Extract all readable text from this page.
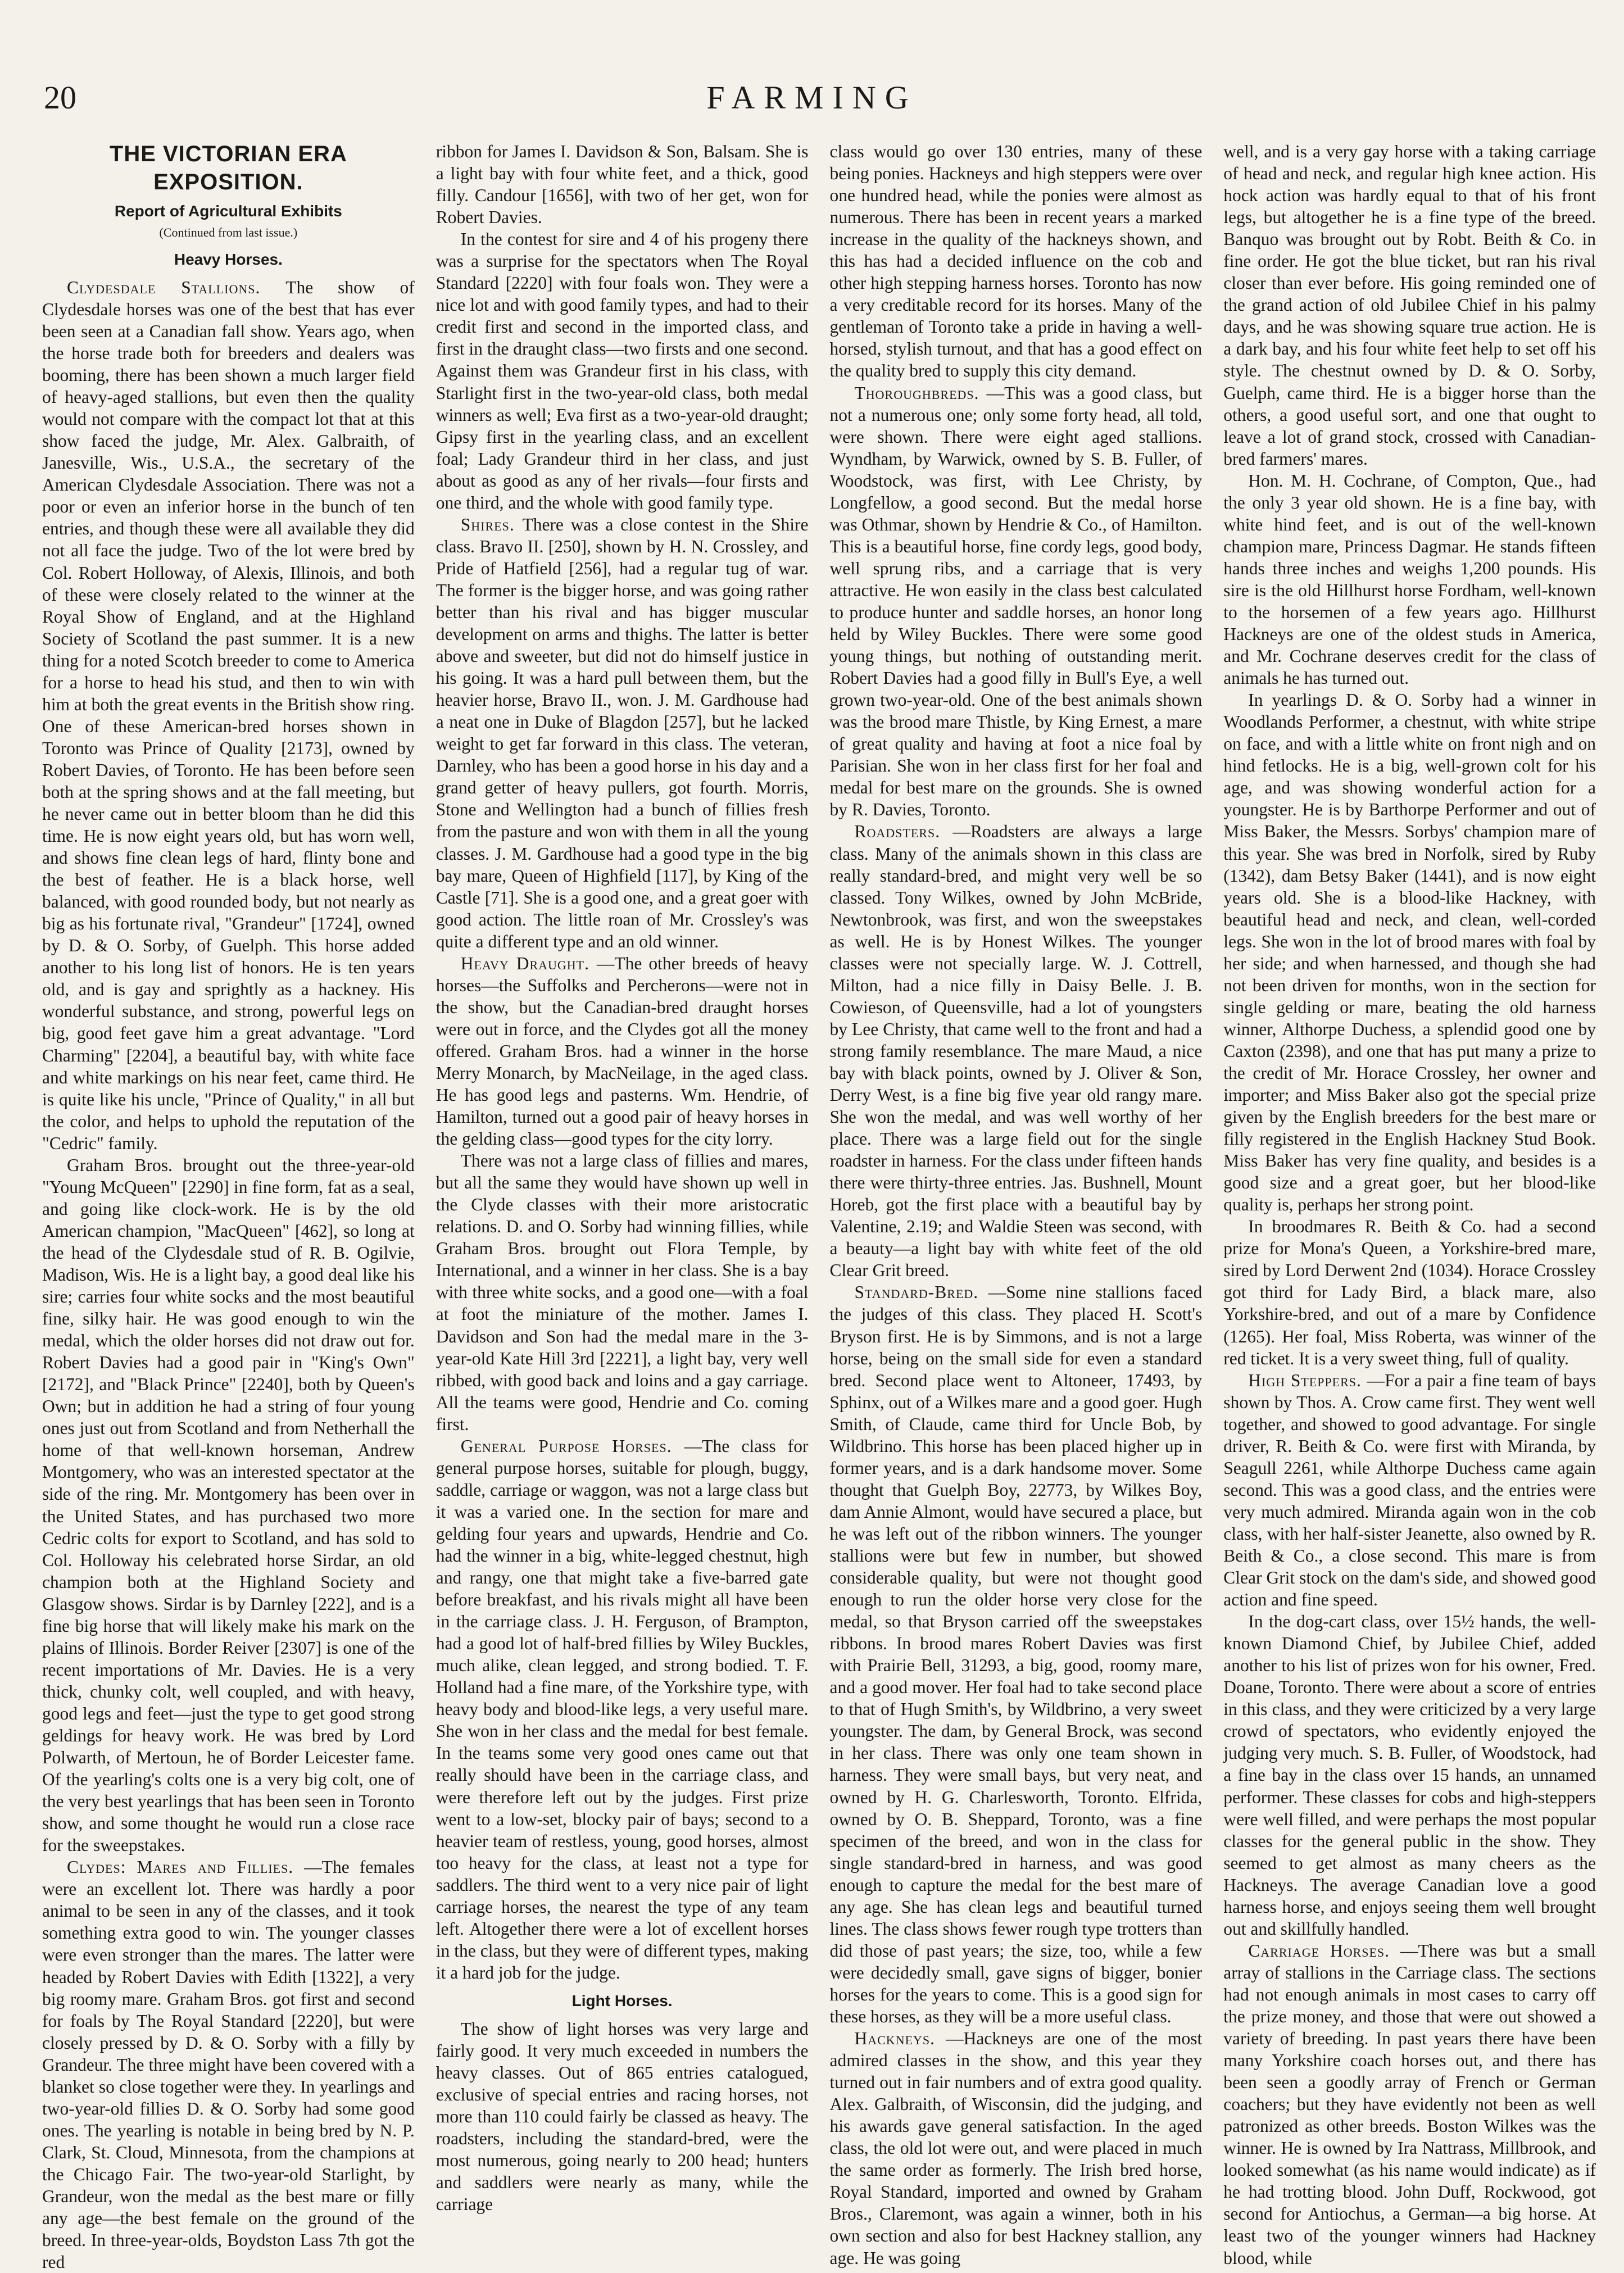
20	FARMING
THE VICTORIAN ERA EXPOSITION.
Report of Agricultural Exhibits
(Continued from last issue.)
Heavy Horses.

Clydesdale Stallions. The show of Clydesdale horses was one of the best that has ever been seen at a Canadian fall show. Years ago, when the horse trade both for breeders and dealers was booming, there has been shown a much larger field of heavy-aged stallions, but even then the quality would not compare with the compact lot that at this show faced the judge, Mr. Alex. Galbraith, of Janesville, Wis., U.S.A., the secretary of the American Clydesdale Association. There was not a poor or even an inferior horse in the bunch of ten entries, and though these were all available they did not all face the judge. Two of the lot were bred by Col. Robert Holloway, of Alexis, Illinois, and both of these were closely related to the winner at the Royal Show of England, and at the Highland Society of Scotland the past summer. It is a new thing for a noted Scotch breeder to come to America for a horse to head his stud, and then to win with him at both the great events in the British show ring. One of these American-bred horses shown in Toronto was Prince of Quality [2173], owned by Robert Davies, of Toronto. He has been before seen both at the spring shows and at the fall meeting, but he never came out in better bloom than he did this time. He is now eight years old, but has worn well, and shows fine clean legs of hard, flinty bone and the best of feather. He is a black horse, well balanced, with good rounded body, but not nearly as big as his fortunate rival, "Grandeur" [1724], owned by D. & O. Sorby, of Guelph. This horse added another to his long list of honors. He is ten years old, and is gay and sprightly as a hackney. His wonderful substance, and strong, powerful legs on big, good feet gave him a great advantage. "Lord Charming" [2204], a beautiful bay, with white face and white markings on his near feet, came third. He is quite like his uncle, "Prince of Quality," in all but the color, and helps to uphold the reputation of the "Cedric" family.

Graham Bros. brought out the three-year-old "Young McQueen" [2290] in fine form, fat as a seal, and going like clock-work. He is by the old American champion, "MacQueen" [462], so long at the head of the Clydesdale stud of R. B. Ogilvie, Madison, Wis. He is a light bay, a good deal like his sire; carries four white socks and the most beautiful fine, silky hair. He was good enough to win the medal, which the older horses did not draw out for. Robert Davies had a good pair in "King's Own" [2172], and "Black Prince" [2240], both by Queen's Own; but in addition he had a string of four young ones just out from Scotland and from Netherhall the home of that well-known horseman, Andrew Montgomery, who was an interested spectator at the side of the ring. Mr. Montgomery has been over in the United States, and has purchased two more Cedric colts for export to Scotland, and has sold to Col. Holloway his celebrated horse Sirdar, an old champion both at the Highland Society and Glasgow shows. Sirdar is by Darnley [222], and is a fine big horse that will likely make his mark on the plains of Illinois. Border Reiver [2307] is one of the recent importations of Mr. Davies. He is a very thick, chunky colt, well coupled, and with heavy, good legs and feet—just the type to get good strong geldings for heavy work. He was bred by Lord Polwarth, of Mertoun, he of Border Leicester fame. Of the yearling's colts one is a very big colt, one of the very best yearlings that has been seen in Toronto show, and some thought he would run a close race for the sweepstakes.

Clydes: Mares and Fillies. —The females were an excellent lot. There was hardly a poor animal to be seen in any of the classes, and it took something extra good to win. The younger classes were even stronger than the mares. The latter were headed by Robert Davies with Edith [1322], a very big roomy mare. Graham Bros. got first and second for foals by The Royal Standard [2220], but were closely pressed by D. & O. Sorby with a filly by Grandeur. The three might have been covered with a blanket so close together were they. In yearlings and two-year-old fillies D. & O. Sorby had some good ones. The yearling is notable in being bred by N. P. Clark, St. Cloud, Minnesota, from the champions at the Chicago Fair. The two-year-old Starlight, by Grandeur, won the medal as the best mare or filly any age—the best female on the ground of the breed. In three-year-olds, Boydston Lass 7th got the red

ribbon for James I. Davidson & Son, Balsam. She is a light bay with four white feet, and a thick, good filly. Candour [1656], with two of her get, won for Robert Davies.

In the contest for sire and 4 of his progeny there was a surprise for the spectators when The Royal Standard [2220] with four foals won. They were a nice lot and with good family types, and had to their credit first and second in the imported class, and first in the draught class—two firsts and one second. Against them was Grandeur first in his class, with Starlight first in the two-year-old class, both medal winners as well; Eva first as a two-year-old draught; Gipsy first in the yearling class, and an excellent foal; Lady Grandeur third in her class, and just about as good as any of her rivals—four firsts and one third, and the whole with good family type.

Shires. There was a close contest in the Shire class. Bravo II. [250], shown by H. N. Crossley, and Pride of Hatfield [256], had a regular tug of war. The former is the bigger horse, and was going rather better than his rival and has bigger muscular development on arms and thighs. The latter is better above and sweeter, but did not do himself justice in his going. It was a hard pull between them, but the heavier horse, Bravo II., won. J. M. Gardhouse had a neat one in Duke of Blagdon [257], but he lacked weight to get far forward in this class. The veteran, Darnley, who has been a good horse in his day and a grand getter of heavy pullers, got fourth. Morris, Stone and Wellington had a bunch of fillies fresh from the pasture and won with them in all the young classes. J. M. Gardhouse had a good type in the big bay mare, Queen of Highfield [117], by King of the Castle [71]. She is a good one, and a great goer with good action. The little roan of Mr. Crossley's was quite a different type and an old winner.

Heavy Draught. —The other breeds of heavy horses—the Suffolks and Percherons—were not in the show, but the Canadian-bred draught horses were out in force, and the Clydes got all the money offered. Graham Bros. had a winner in the horse Merry Monarch, by MacNeilage, in the aged class. He has good legs and pasterns. Wm. Hendrie, of Hamilton, turned out a good pair of heavy horses in the gelding class—good types for the city lorry.

There was not a large class of fillies and mares, but all the same they would have shown up well in the Clyde classes with their more aristocratic relations. D. and O. Sorby had winning fillies, while Graham Bros. brought out Flora Temple, by International, and a winner in her class. She is a bay with three white socks, and a good one—with a foal at foot the miniature of the mother. James I. Davidson and Son had the medal mare in the 3-year-old Kate Hill 3rd [2221], a light bay, very well ribbed, with good back and loins and a gay carriage. All the teams were good, Hendrie and Co. coming first.

General Purpose Horses. —The class for general purpose horses, suitable for plough, buggy, saddle, carriage or waggon, was not a large class but it was a varied one. In the section for mare and gelding four years and upwards, Hendrie and Co. had the winner in a big, white-legged chestnut, high and rangy, one that might take a five-barred gate before breakfast, and his rivals might all have been in the carriage class. J. H. Ferguson, of Brampton, had a good lot of half-bred fillies by Wiley Buckles, much alike, clean legged, and strong bodied. T. F. Holland had a fine mare, of the Yorkshire type, with heavy body and blood-like legs, a very useful mare. She won in her class and the medal for best female. In the teams some very good ones came out that really should have been in the carriage class, and were therefore left out by the judges. First prize went to a low-set, blocky pair of bays; second to a heavier team of restless, young, good horses, almost too heavy for the class, at least not a type for saddlers. The third went to a very nice pair of light carriage horses, the nearest the type of any team left. Altogether there were a lot of excellent horses in the class, but they were of different types, making it a hard job for the judge.

Light Horses.

The show of light horses was very large and fairly good. It very much exceeded in numbers the heavy classes. Out of 865 entries catalogued, exclusive of special entries and racing horses, not more than 110 could fairly be classed as heavy. The roadsters, including the standard-bred, were the most numerous, going nearly to 200 head; hunters and saddlers were nearly as many, while the carriage

class would go over 130 entries, many of these being ponies. Hackneys and high steppers were over one hundred head, while the ponies were almost as numerous. There has been in recent years a marked increase in the quality of the hackneys shown, and this has had a decided influence on the cob and other high stepping harness horses. Toronto has now a very creditable record for its horses. Many of the gentleman of Toronto take a pride in having a well-horsed, stylish turnout, and that has a good effect on the quality bred to supply this city demand.

Thoroughbreds. —This was a good class, but not a numerous one; only some forty head, all told, were shown. There were eight aged stallions. Wyndham, by Warwick, owned by S. B. Fuller, of Woodstock, was first, with Lee Christy, by Longfellow, a good second. But the medal horse was Othmar, shown by Hendrie & Co., of Hamilton. This is a beautiful horse, fine cordy legs, good body, well sprung ribs, and a carriage that is very attractive. He won easily in the class best calculated to produce hunter and saddle horses, an honor long held by Wiley Buckles. There were some good young things, but nothing of outstanding merit. Robert Davies had a good filly in Bull's Eye, a well grown two-year-old. One of the best animals shown was the brood mare Thistle, by King Ernest, a mare of great quality and having at foot a nice foal by Parisian. She won in her class first for her foal and medal for best mare on the grounds. She is owned by R. Davies, Toronto.

Roadsters. —Roadsters are always a large class. Many of the animals shown in this class are really standard-bred, and might very well be so classed. Tony Wilkes, owned by John McBride, Newtonbrook, was first, and won the sweepstakes as well. He is by Honest Wilkes. The younger classes were not specially large. W. J. Cottrell, Milton, had a nice filly in Daisy Belle. J. B. Cowieson, of Queensville, had a lot of youngsters by Lee Christy, that came well to the front and had a strong family resemblance. The mare Maud, a nice bay with black points, owned by J. Oliver & Son, Derry West, is a fine big five year old rangy mare. She won the medal, and was well worthy of her place. There was a large field out for the single roadster in harness. For the class under fifteen hands there were thirty-three entries. Jas. Bushnell, Mount Horeb, got the first place with a beautiful bay by Valentine, 2.19; and Waldie Steen was second, with a beauty—a light bay with white feet of the old Clear Grit breed.

Standard-Bred. —Some nine stallions faced the judges of this class. They placed H. Scott's Bryson first. He is by Simmons, and is not a large horse, being on the small side for even a standard bred. Second place went to Altoneer, 17493, by Sphinx, out of a Wilkes mare and a good goer. Hugh Smith, of Claude, came third for Uncle Bob, by Wildbrino. This horse has been placed higher up in former years, and is a dark handsome mover. Some thought that Guelph Boy, 22773, by Wilkes Boy, dam Annie Almont, would have secured a place, but he was left out of the ribbon winners. The younger stallions were but few in number, but showed considerable quality, but were not thought good enough to run the older horse very close for the medal, so that Bryson carried off the sweepstakes ribbons. In brood mares Robert Davies was first with Prairie Bell, 31293, a big, good, roomy mare, and a good mover. Her foal had to take second place to that of Hugh Smith's, by Wildbrino, a very sweet youngster. The dam, by General Brock, was second in her class. There was only one team shown in harness. They were small bays, but very neat, and owned by H. G. Charlesworth, Toronto. Elfrida, owned by O. B. Sheppard, Toronto, was a fine specimen of the breed, and won in the class for single standard-bred in harness, and was good enough to capture the medal for the best mare of any age. She has clean legs and beautiful turned lines. The class shows fewer rough type trotters than did those of past years; the size, too, while a few were decidedly small, gave signs of bigger, bonier horses for the years to come. This is a good sign for these horses, as they will be a more useful class.

Hackneys. —Hackneys are one of the most admired classes in the show, and this year they turned out in fair numbers and of extra good quality. Alex. Galbraith, of Wisconsin, did the judging, and his awards gave general satisfaction. In the aged class, the old lot were out, and were placed in much the same order as formerly. The Irish bred horse, Royal Standard, imported and owned by Graham Bros., Claremont, was again a winner, both in his own section and also for best Hackney stallion, any age. He was going

well, and is a very gay horse with a taking carriage of head and neck, and regular high knee action. His hock action was hardly equal to that of his front legs, but altogether he is a fine type of the breed. Banquo was brought out by Robt. Beith & Co. in fine order. He got the blue ticket, but ran his rival closer than ever before. His going reminded one of the grand action of old Jubilee Chief in his palmy days, and he was showing square true action. He is a dark bay, and his four white feet help to set off his style. The chestnut owned by D. & O. Sorby, Guelph, came third. He is a bigger horse than the others, a good useful sort, and one that ought to leave a lot of grand stock, crossed with Canadian-bred farmers' mares.

Hon. M. H. Cochrane, of Compton, Que., had the only 3 year old shown. He is a fine bay, with white hind feet, and is out of the well-known champion mare, Princess Dagmar. He stands fifteen hands three inches and weighs 1,200 pounds. His sire is the old Hillhurst horse Fordham, well-known to the horsemen of a few years ago. Hillhurst Hackneys are one of the oldest studs in America, and Mr. Cochrane deserves credit for the class of animals he has turned out.

In yearlings D. & O. Sorby had a winner in Woodlands Performer, a chestnut, with white stripe on face, and with a little white on front nigh and on hind fetlocks. He is a big, well-grown colt for his age, and was showing wonderful action for a youngster. He is by Barthorpe Performer and out of Miss Baker, the Messrs. Sorbys' champion mare of this year. She was bred in Norfolk, sired by Ruby (1342), dam Betsy Baker (1441), and is now eight years old. She is a blood-like Hackney, with beautiful head and neck, and clean, well-corded legs. She won in the lot of brood mares with foal by her side; and when harnessed, and though she had not been driven for months, won in the section for single gelding or mare, beating the old harness winner, Althorpe Duchess, a splendid good one by Caxton (2398), and one that has put many a prize to the credit of Mr. Horace Crossley, her owner and importer; and Miss Baker also got the special prize given by the English breeders for the best mare or filly registered in the English Hackney Stud Book. Miss Baker has very fine quality, and besides is a good size and a great goer, but her blood-like quality is, perhaps her strong point.

In broodmares R. Beith & Co. had a second prize for Mona's Queen, a Yorkshire-bred mare, sired by Lord Derwent 2nd (1034). Horace Crossley got third for Lady Bird, a black mare, also Yorkshire-bred, and out of a mare by Confidence (1265). Her foal, Miss Roberta, was winner of the red ticket. It is a very sweet thing, full of quality.

High Steppers. —For a pair a fine team of bays shown by Thos. A. Crow came first. They went well together, and showed to good advantage. For single driver, R. Beith & Co. were first with Miranda, by Seagull 2261, while Althorpe Duchess came again second. This was a good class, and the entries were very much admired. Miranda again won in the cob class, with her half-sister Jeanette, also owned by R. Beith & Co., a close second. This mare is from Clear Grit stock on the dam's side, and showed good action and fine speed.

In the dog-cart class, over 15½ hands, the well-known Diamond Chief, by Jubilee Chief, added another to his list of prizes won for his owner, Fred. Doane, Toronto. There were about a score of entries in this class, and they were criticized by a very large crowd of spectators, who evidently enjoyed the judging very much. S. B. Fuller, of Woodstock, had a fine bay in the class over 15 hands, an unnamed performer. These classes for cobs and high-steppers were well filled, and were perhaps the most popular classes for the general public in the show. They seemed to get almost as many cheers as the Hackneys. The average Canadian love a good harness horse, and enjoys seeing them well brought out and skillfully handled.

Carriage Horses. —There was but a small array of stallions in the Carriage class. The sections had not enough animals in most cases to carry off the prize money, and those that were out showed a variety of breeding. In past years there have been many Yorkshire coach horses out, and there has been seen a goodly array of French or German coachers; but they have evidently not been as well patronized as other breeds. Boston Wilkes was the winner. He is owned by Ira Nattrass, Millbrook, and looked somewhat (as his name would indicate) as if he had trotting blood. John Duff, Rockwood, got second for Antiochus, a German—a big horse. At least two of the younger winners had Hackney blood, while
